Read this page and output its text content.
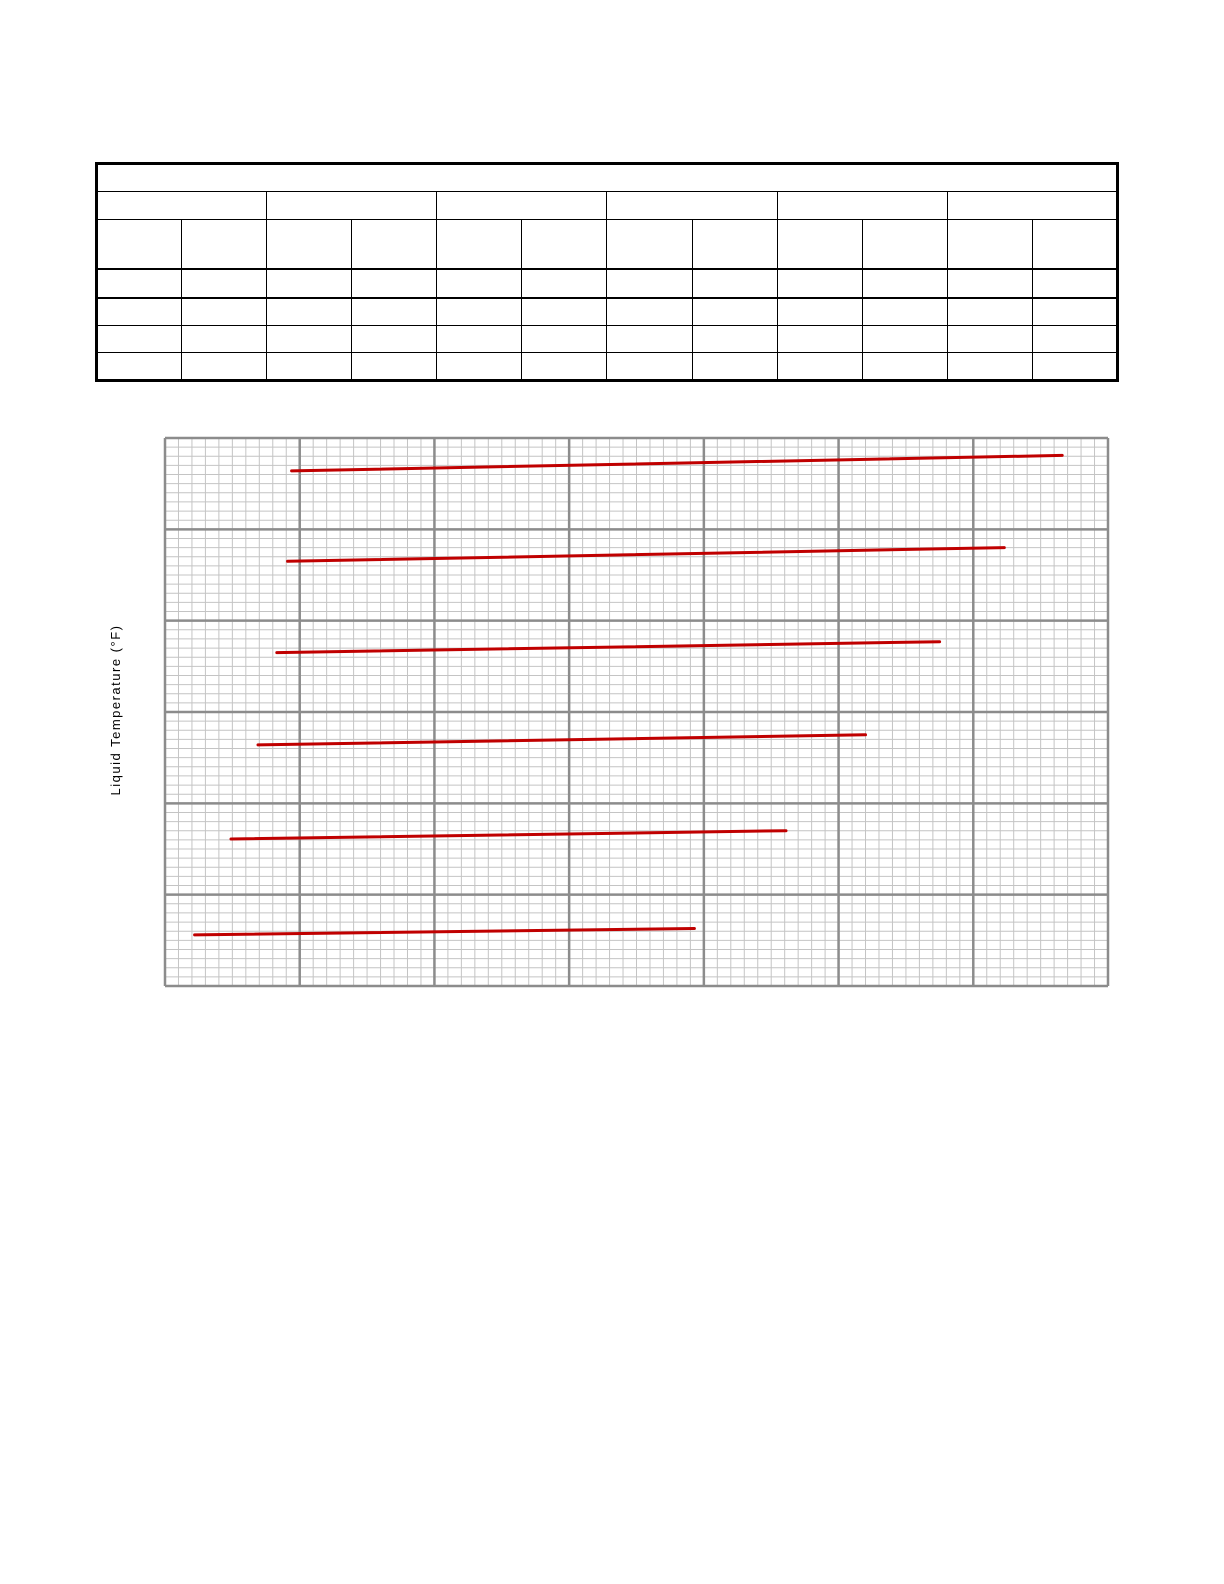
Liquid Temperature (°F)
